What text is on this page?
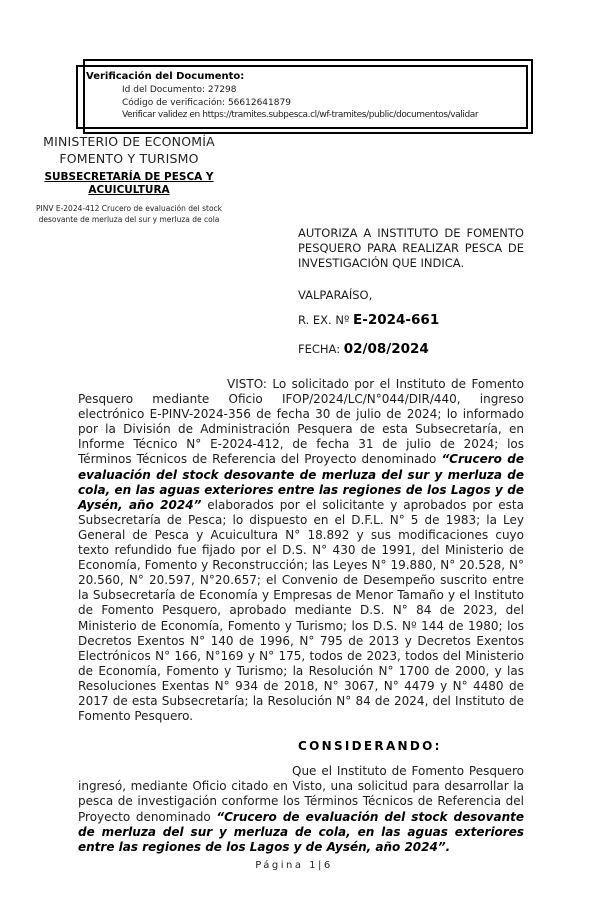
Verificación del Documento:
• Id del Documento: 27298
• Código de verificación: 56612641879
• Verificar validez en https://tramites.subpesca.cl/wf-tramites/public/documentos/validar
MINISTERIO DE ECONOMÍA
FOMENTO Y TURISMO
SUBSECRETARÍA DE PESCA Y ACUICULTURA
PINV E-2024-412 Crucero de evaluación del stock desovante de merluza del sur y merluza de cola

AUTORIZA A INSTITUTO DE FOMENTO PESQUERO PARA REALIZAR PESCA DE INVESTIGACIÓN QUE INDICA.

VALPARAÍSO,
R. EX. Nº E-2024-661
FECHA: 02/08/2024

VISTO: Lo solicitado por el Instituto de Fomento Pesquero mediante Oficio IFOP/2024/LC/N°044/DIR/440, ingreso electrónico E-PINV-2024-356 de fecha 30 de julio de 2024; lo informado por la División de Administración Pesquera de esta Subsecretaría, en Informe Técnico N° E-2024-412, de fecha 31 de julio de 2024; los Términos Técnicos de Referencia del Proyecto denominado “Crucero de evaluación del stock desovante de merluza del sur y merluza de cola, en las aguas exteriores entre las regiones de los Lagos y de Aysén, año 2024” elaborados por el solicitante y aprobados por esta Subsecretaría de Pesca; lo dispuesto en el D.F.L. N° 5 de 1983; la Ley General de Pesca y Acuicultura N° 18.892 y sus modificaciones cuyo texto refundido fue fijado por el D.S. N° 430 de 1991, del Ministerio de Economía, Fomento y Reconstrucción; las Leyes N° 19.880, N° 20.528, N° 20.560, N° 20.597, N°20.657; el Convenio de Desempeño suscrito entre la Subsecretaría de Economía y Empresas de Menor Tamaño y el Instituto de Fomento Pesquero, aprobado mediante D.S. N° 84 de 2023, del Ministerio de Economía, Fomento y Turismo; los D.S. Nº 144 de 1980; los Decretos Exentos N° 140 de 1996, N° 795 de 2013 y Decretos Exentos Electrónicos N° 166, N°169 y N° 175, todos de 2023, todos del Ministerio de Economía, Fomento y Turismo; la Resolución N° 1700 de 2000, y las Resoluciones Exentas N° 934 de 2018, N° 3067, N° 4479 y N° 4480 de 2017 de esta Subsecretaría; la Resolución N° 84 de 2024, del Instituto de Fomento Pesquero.

CONSIDERANDO:

Que el Instituto de Fomento Pesquero ingresó, mediante Oficio citado en Visto, una solicitud para desarrollar la pesca de investigación conforme los Términos Técnicos de Referencia del Proyecto denominado “Crucero de evaluación del stock desovante de merluza del sur y merluza de cola, en las aguas exteriores entre las regiones de los Lagos y de Aysén, año 2024”.

Página 1|6
